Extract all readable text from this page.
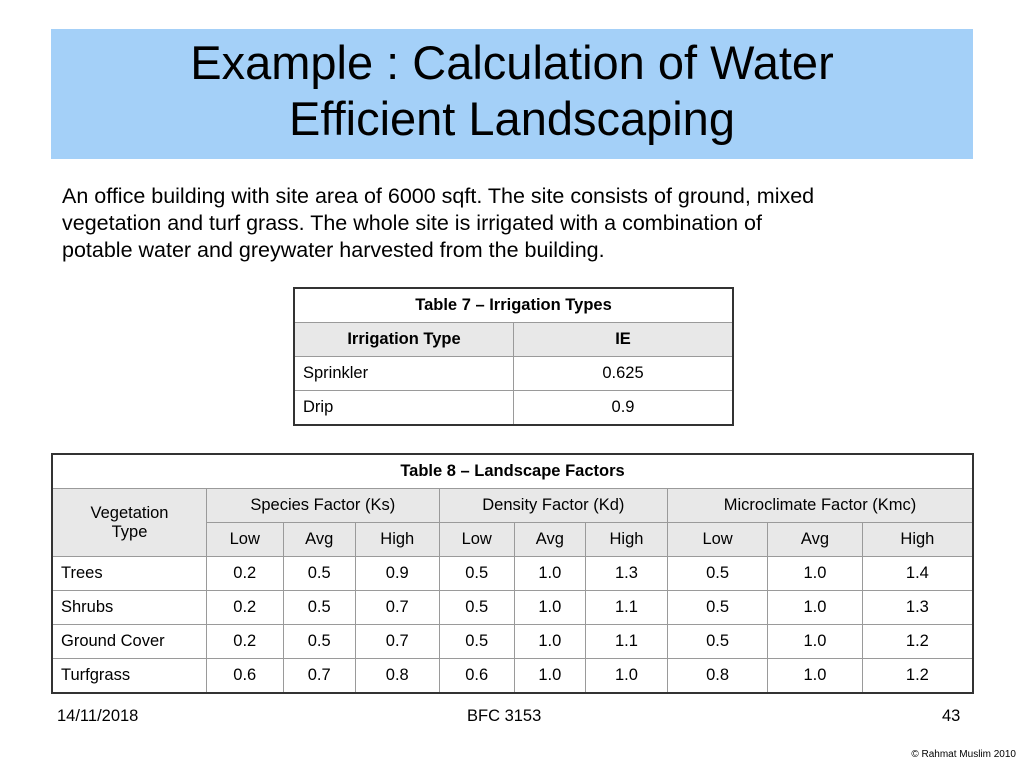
Example : Calculation of Water
Efficient Landscaping
An office building with site area of 6000 sqft. The site consists of ground, mixed
vegetation and turf grass. The whole site is irrigated with a combination of
potable water and greywater harvested from the building.
Table 7 – Irrigation Types	
Irrigation Type	IE
Sprinkler	0.625
Drip	0.9
Table 8 – Landscape Factors									

Vegetation
Type	Species Factor (Ks)			Density Factor (Kd)			Microclimate Factor (Kmc)		
	Low	Avg	High	Low	Avg	High	Low	Avg	High
Trees	0.2	0.5	0.9	0.5	1.0	1.3	0.5	1.0	1.4
Shrubs	0.2	0.5	0.7	0.5	1.0	1.1	0.5	1.0	1.3
Ground Cover	0.2	0.5	0.7	0.5	1.0	1.1	0.5	1.0	1.2
Turfgrass	0.6	0.7	0.8	0.6	1.0	1.0	0.8	1.0	1.2
14/11/2018	BFC 3153	43
© Rahmat Muslim 2010
